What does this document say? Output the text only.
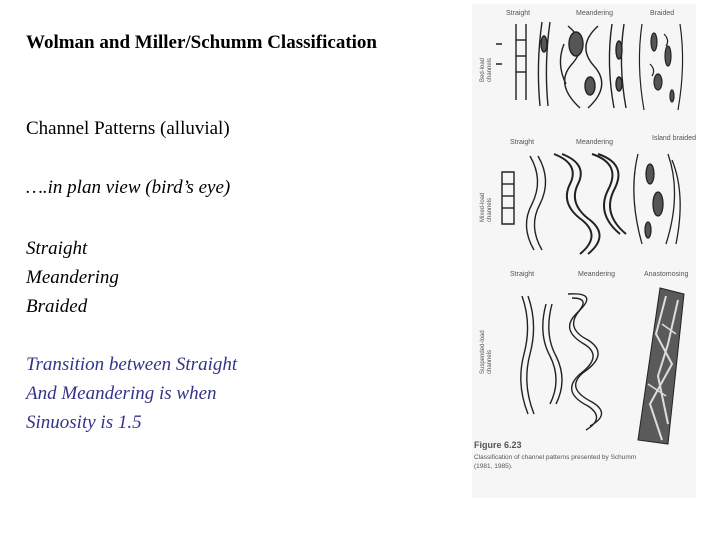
Wolman and Miller/Schumm Classification
Channel Patterns (alluvial)
….in plan view (bird’s eye)
Straight
Meandering
Braided
Transition between Straight
And Meandering is when
Sinuosity is 1.5
Straight	Meandering	Braided
Bed-load channels
Straight	Meandering
Island braided
Mixed-load channels
Straight	Meandering	Anastomosing
Suspended-load channels
Figure 6.23
Classification of channel patterns presented by Schumm
(1981, 1985).
